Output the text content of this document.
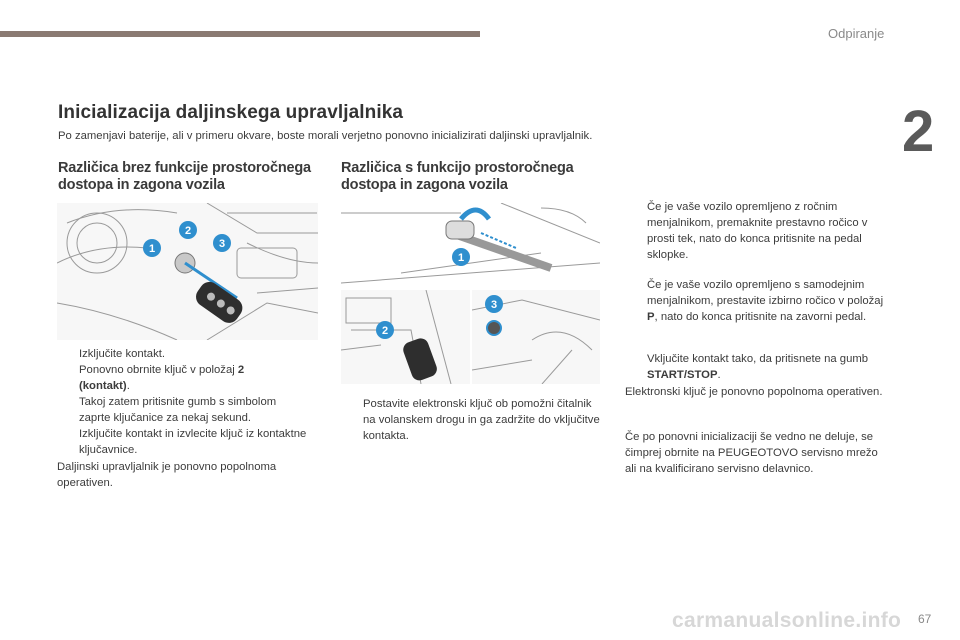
Odpiranje
2
Inicializacija daljinskega upravljalnika
Po zamenjavi baterije, ali v primeru okvare, boste morali verjetno ponovno inicializirati daljinski upravljalnik.
Različica brez funkcije prostoročnega
dostopa in zagona vozila
Različica s funkcijo prostoročnega
dostopa in zagona vozila
1
2
3
1
2
3
Izključite kontakt.
Ponovno obrnite ključ v položaj 2
(kontakt).
Takoj zatem pritisnite gumb s simbolom zaprte ključanice za nekaj sekund.
Izključite kontakt in izvlecite ključ iz kontaktne ključavnice.
Daljinski upravljalnik je ponovno popolnoma operativen.
Postavite elektronski ključ ob pomožni čitalnik na volanskem drogu in ga zadržite do vključitve kontakta.
Če je vaše vozilo opremljeno z ročnim menjalnikom, premaknite prestavno ročico v prosti tek, nato do konca pritisnite na pedal sklopke.
Če je vaše vozilo opremljeno s samodejnim menjalnikom, prestavite izbirno ročico v položaj P, nato do konca pritisnite na zavorni pedal.
Vključite kontakt tako, da pritisnete na gumb START/STOP.
Elektronski ključ je ponovno popolnoma operativen.
Če po ponovni inicializaciji še vedno ne deluje, se čimprej obrnite na PEUGEOTOVO servisno mrežo ali na kvalificirano servisno delavnico.
carmanualsonline.info 67
